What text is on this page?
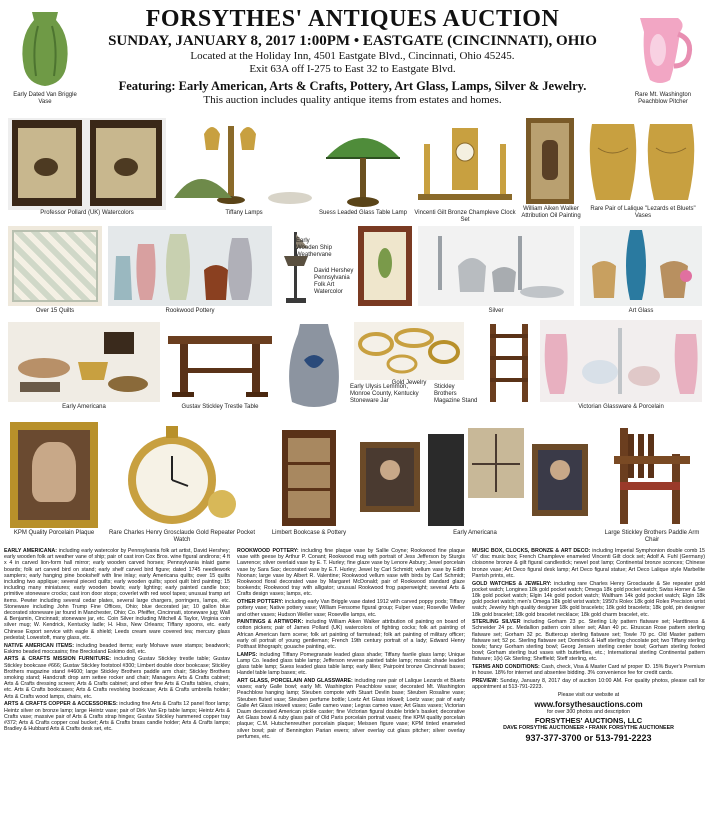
FORSYTHES' ANTIQUES AUCTION
SUNDAY, JANUARY 8, 2017 1:00PM • EASTGATE (CINCINNATI), OHIO
Located at the Holiday Inn, 4501 Eastgate Blvd., Cincinnati, Ohio 45245.
Exit 63A off I-275 to East 32 to Eastgate Blvd.
Featuring: Early American, Arts & Crafts, Pottery, Art Glass, Lamps, Silver & Jewelry.
This auction includes quality antique items from estates and homes.
Early Dated Van Briggle Vase
Rare Mt. Washington Peachblow Pitcher
Professor Pollard (UK) Watercolors	Tiffany Lamps	Suess Leaded Glass Table Lamp	Vincenti Gilt Bronze Champleve Clock Set
William Aiken Walker Attribution Oil Painting
Rare Pair of Lalique "Lezards et Bluets" Vases
Over 15 Quilts	Rookwood Pottery
Early Wooden Ship Weathervane
David Hershey Pennsylvania Folk Art Watercolor
Silver	Art Glass
Early Americana	Gustav Stickley Trestle Table
Gold Jewelry
Early Ulysis Lemmon, Monroe County, Kentucky Stoneware Jar
Stickley Brothers Magazine Stand
Victorian Glassware & Porcelain
KPM Quality Porcelain Plaque	Rare Charles Henry Grosclaude Gold Repeater Pocket Watch
Limbert Bookcase & Pottery	Early Americana	Large Stickley Brothers Paddle Arm Chair

EARLY AMERICANA: including early watercolor by Pennsylvania folk art artist, David Hershey; early wooden folk art weather vane of ship; pair of cast iron Cox Bros. wine figural andirons; 4 ft x 4 in carved lion-form hall mirror; early wooden carved horses; Pennsylvania inlaid game boards; folk art carved bird on stand; early shelf carved bird figure; dated 1745 needlework samplers; early hanging pine bookshelf with line inlay; early Americana quilts; over 15 quilts including two applique; several pieced quilts; early wooden quilts; spool quilt bird painting; 15 including many miniatures; early wooden bowls; early lighting; early painted candle box; primitive stoneware crocks; cast iron door stops; coverlet with red wool tapes; unusual tramp art items. Pewter including several cedar plates, several large chargers, porringers, lamps, etc. Stoneware including John Trump Fine Offices, Ohio; blue decorated jar; 10 gallon blue decorated stoneware jar found in Manchester, Ohio; Co. Pfeiffer, Cincinnati, stoneware jug; Wall & Benjamin, Cincinnati; stoneware jar, etc. Coin Silver including Mitchell & Taylor, Virginia coin silver mug; W. Kendrick, Kentucky ladle; H. Hiss, New Orleans; Tiffany spoons, etc. early Chinese Export service with eagle & shield; Leeds cream ware covered tea; mercury glass pedestal; Lowestoft, many glass, etc.

NATIVE AMERICAN ITEMS: including beaded items; early Mohave ware stamps; beadwork; Eskimo beaded moccasins; fine Brecksland Eskimo doll, etc.

ARTS & CRAFTS MISSION FURNITURE: including Gustav Stickley trestle table; Gustav Stickley bookcase #666; Gustav Stickley footstool #300; Limbert double door bookcase; Stickley Brothers magazine stand #4600; large Stickley Brothers paddle arm chair; Stickley Brothers smoking stand; Handcraft drop arm settee rocker and chair; Managers Arts & Crafts cabinet; Arts & Crafts dressing screen; Arts & Crafts cabinet; and other fine Arts & Crafts tables, chairs, etc. Arts & Crafts bookcases; Arts & Crafts revolving bookcase; Arts & Crafts umbrella holder; Arts & Crafts wood lamps, chairs, etc.

ARTS & CRAFTS COPPER & ACCESSORIES: including fine Arts & Crafts 12 panel floor lamp; Heintz silver on bronze lamp; large Heintz vase; pair of Dirk Van Erp table lamps; Heintz Arts & Crafts vase; massive pair of Arts & Crafts strap hinges; Gustav Stickley hammered copper tray #372; Arts & Crafts copper coal bucket; Arts & Crafts brass candle holder; Arts & Crafts lamps; Bradley & Hubbard Arts & Crafts desk set, etc.

ROOKWOOD POTTERY: including fine plaque vase by Sallie Coyne; Rookwood fine plaque vase with geese by Arthur P. Conant; Rookwood mug with portrait of Jess Jefferson by Sturgis Lawrence; silver overlaid vase by E. T. Hurley; fine glaze vase by Lenore Asbury; Jewel porcelain vase by Sara Sax; decorated vase by E.T. Hurley; Jewel by Carl Schmidt; vellum vase by Edith Noonan; large vase by Albert R. Valentine; Rookwood vellum vase with birds by Carl Schmidt; Rookwood floral decorated vase by Margaret McDonald; pair of Rookwood standard glaze bookends; Rookwood tray with alligator; unusual Rookwood frog paperweight; several Arts & Crafts design vases; lamps, etc.

OTHER POTTERY: including early Van Briggle vase dated 1912 with carved poppy pods; Tiffany pottery vase; Native pottery vase; William Fensome figural group; Fulper vase; Roseville Weller and other vases; Hudson Weller vase; Roseville lamps, etc.

PAINTINGS & ARTWORK: including William Aiken Walker attribution oil painting on board of cotton pickers; pair of James Pollard (UK) watercolors of fighting cocks; folk art painting of African American farm scene; folk art painting of farmstead; folk art painting of military officer; early oil portrait of young gentleman; French 19th century portrait of a lady; Edward Henry Potthast lithograph; gouache painting, etc.

LAMPS: including Tiffany Pomegranate leaded glass shade; Tiffany favrile glass lamp; Unique Lamp Co. leaded glass table lamp; Jefferson reverse painted table lamp; mosaic shade leaded glass table lamp; Suess leaded glass table lamp; early lilies; Pairpoint bronze Cincinnati bases; Handel table lamp bases; etc.

ART GLASS, PORCELAIN AND GLASSWARE: including rare pair of Lalique Lezards et Bluets vases; early Galle bowl; early Mt. Washington Peachblow vase; decorated Mt. Washington Peachblow hanging lamp; Steuben compote with Stuart Devlin base; Steuben Rosaline vase; Steuben fluted vase; Steuben perfume bottle; Loetz Art Glass inkwell; Loetz vase; pair of early Galle Art Glass inkwell vases; Galle cameo vase; Legras cameo vase; Art Glass vases; Victorian Daum decorated American pickle caster; fine Victorian figural double bride's basket; decorative Art Glass bowl & ruby glass pair of Old Paris porcelain portrait vases; fine KPM quality porcelain plaque; C.M. Hutschenreuther porcelain plaque; Meissen figure vase; KPM tinted enameled silver bowl; pair of Bennington Parian ewers; silver overlay cut glass pitcher; silver overlay perfumes, etc.

MUSIC BOX, CLOCKS, BRONZE & ART DECO: including Imperial Symphonion double comb 15 ½" disc music box; French Champleve enameled Vincenti Gilt clock set; Adolf A. Fuhl (Germany) cloisonne bronze & gilt figural candlestick; newel post lamp; Continental bronze sconces; Chinese bronze vase; Art Deco figural desk lamp; Art Deco figural statue; Art Deco Lalique style Marbelite Parrish prints, etc.

GOLD WATCHES & JEWELRY: including rare Charles Henry Grosclaude & Sie repeater gold pocket watch; Longines 18k gold pocket watch; Omega 18k gold pocket watch; Swiss Horner & Sie 18k gold pocket watch; Elgin 14k gold pocket watch; Waltham 14k gold pocket watch; Elgin 18k gold pocket watch; men's Omega 18k gold wrist watch; 1950's Rolex 18k gold Rolex Precision wrist watch; Jewelry high quality designer 18k gold bracelets; 18k gold bracelets; 18k gold, pin designer 18k gold bracelet; 18k gold bracelet necklace; 18k gold charm bracelet, etc.

STERLING SILVER including Gorham 23 pc. Sterling Lily pattern flatware set; Hardtiness & Schneider 24 pc. Medallion pattern coin silver set; Allan 40 pc. Etruscan Rose pattern sterling flatware set; Gorham 32 pc. Buttercup sterling flatware set; Towle 70 pc. Old Master pattern flatware set; 52 pc. Sterling flatware set; Dominick & Haff sterling chocolate pot; two Tiffany sterling bowls; fancy Gorham sterling bowl; Georg Jensen sterling center bowl; Gorham sterling footed bowl; Gorham sterling bud vases with butterflies, etc.; International sterling Continental pattern flatware; 1(k) Gk Sterling; Sheffield; Steff sterling, etc.

TERMS AND CONDITIONS: Cash, check, Visa & Master Card w/ proper ID. 15% Buyer's Premium in house. 18% for internet and absentee bidding. 3% convenience fee for credit cards.

PREVIEW: Sunday, January 8, 2017 day of auction 10:00 AM. For quality photos, please call for appointment at 513-791-2223.

Please visit our website at

www.forsythesauctions.com

for over 300 photos and description

FORSYTHES' AUCTIONS, LLC

DAVE FORSYTHE AUCTIONEER • FRANK FORSYTHE AUCTIONEER

937-377-3700 or 513-791-2223
